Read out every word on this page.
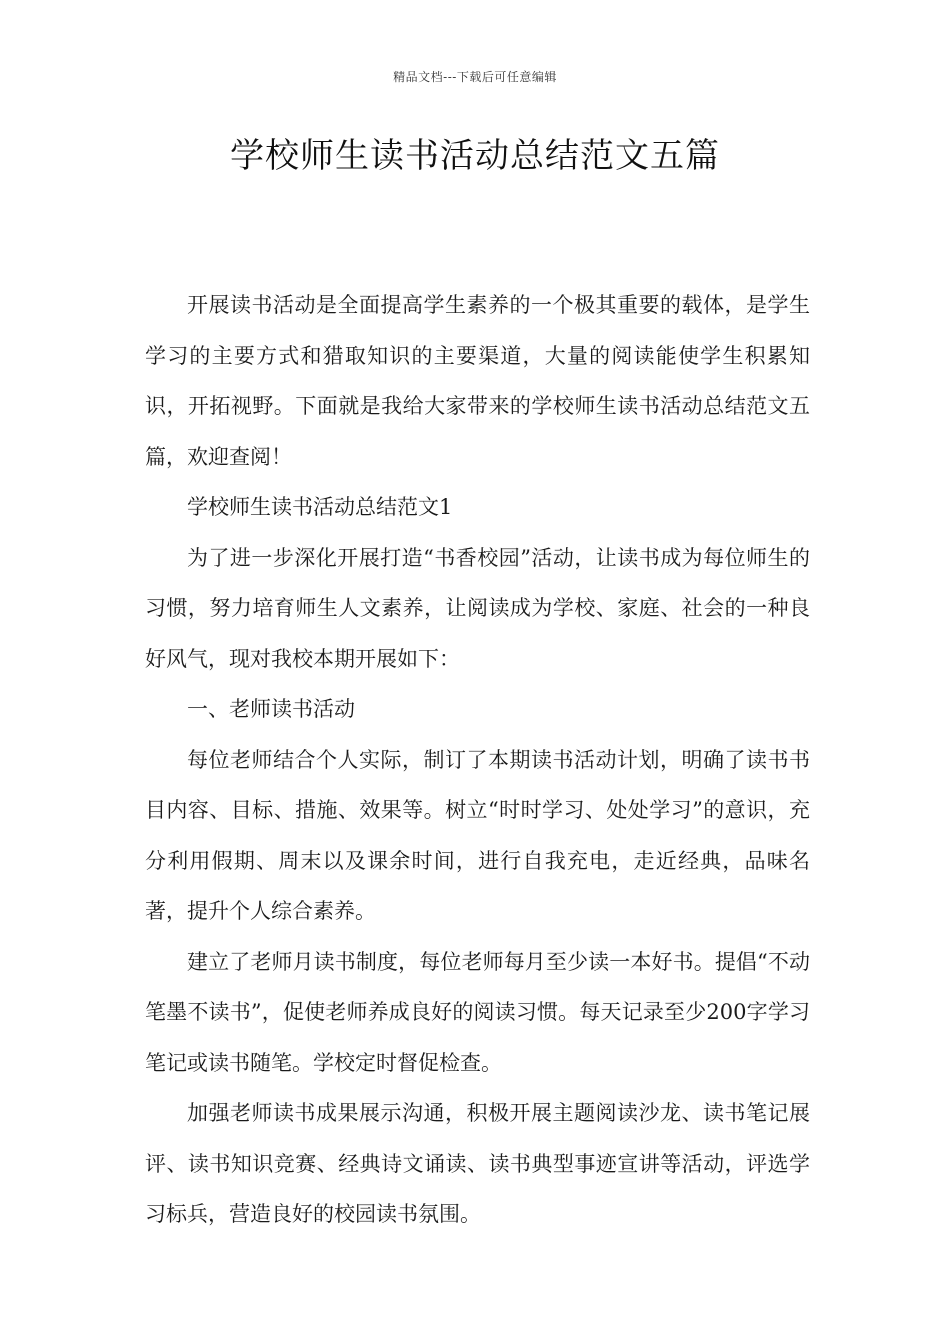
精品文档---下载后可任意编辑
学校师生读书活动总结范文五篇

开展读书活动是全面提高学生素养的一个极其重要的载体，是学生学习的主要方式和猎取知识的主要渠道，大量的阅读能使学生积累知识，开拓视野。下面就是我给大家带来的学校师生读书活动总结范文五篇，欢迎查阅！

学校师生读书活动总结范文1

为了进一步深化开展打造“书香校园”活动，让读书成为每位师生的习惯，努力培育师生人文素养，让阅读成为学校、家庭、社会的一种良好风气，现对我校本期开展如下：

一、老师读书活动

每位老师结合个人实际，制订了本期读书活动计划，明确了读书书目内容、目标、措施、效果等。树立“时时学习、处处学习”的意识，充分利用假期、周末以及课余时间，进行自我充电，走近经典，品味名著，提升个人综合素养。

建立了老师月读书制度，每位老师每月至少读一本好书。提倡“不动笔墨不读书”，促使老师养成良好的阅读习惯。每天记录至少200字学习笔记或读书随笔。学校定时督促检查。

加强老师读书成果展示沟通，积极开展主题阅读沙龙、读书笔记展评、读书知识竞赛、经典诗文诵读、读书典型事迹宣讲等活动，评选学习标兵，营造良好的校园读书氛围。
